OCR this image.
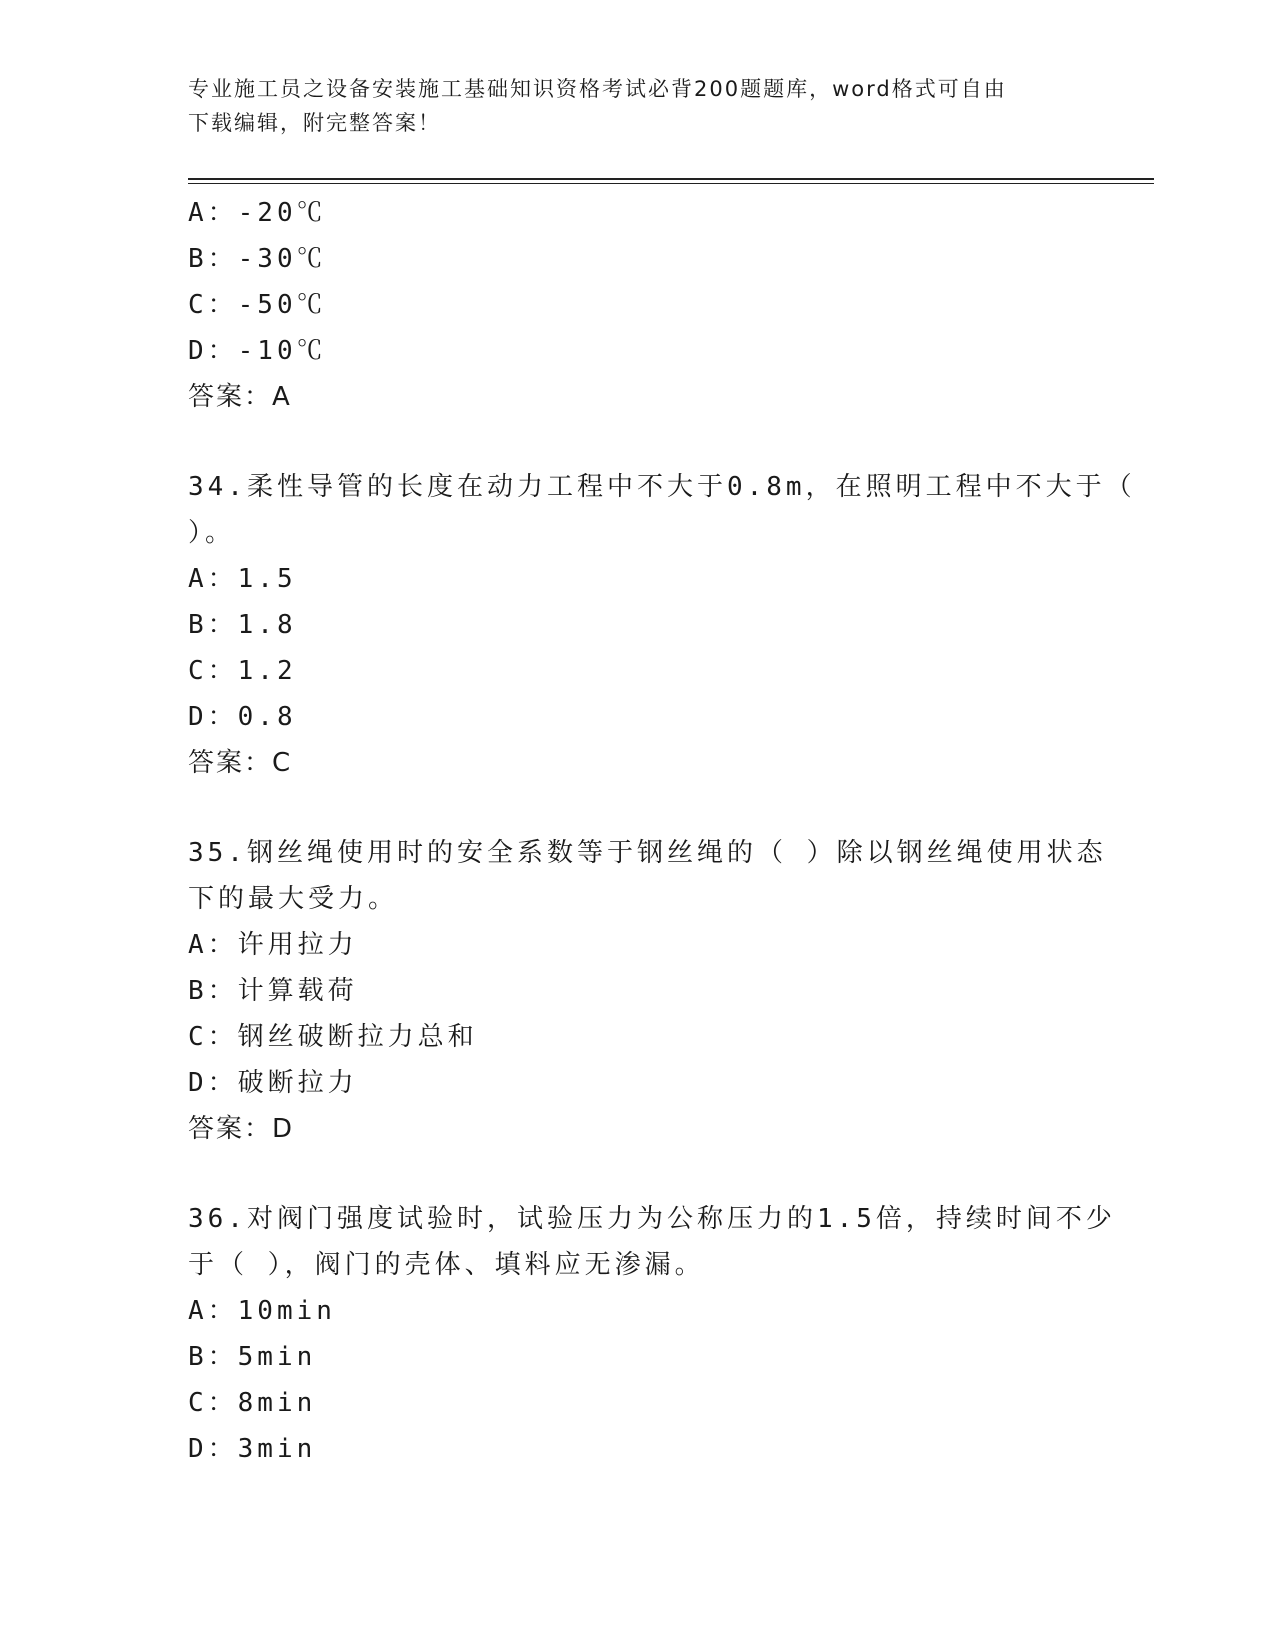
专业施工员之设备安装施工基础知识资格考试必背200题题库，word格式可自由
下载编辑，附完整答案！
A：-20℃
B：-30℃
C：-50℃
D：-10℃
答案：A
34.柔性导管的长度在动力工程中不大于0.8m，在照明工程中不大于（
）。
A：1.5
B：1.8
C：1.2
D：0.8
答案：C
35.钢丝绳使用时的安全系数等于钢丝绳的（ ）除以钢丝绳使用状态
下的最大受力。
A：许用拉力
B：计算载荷
C：钢丝破断拉力总和
D：破断拉力
答案：D
36.对阀门强度试验时，试验压力为公称压力的1.5倍，持续时间不少
于（ ），阀门的壳体、填料应无渗漏。
A：10min
B：5min
C：8min
D：3min
